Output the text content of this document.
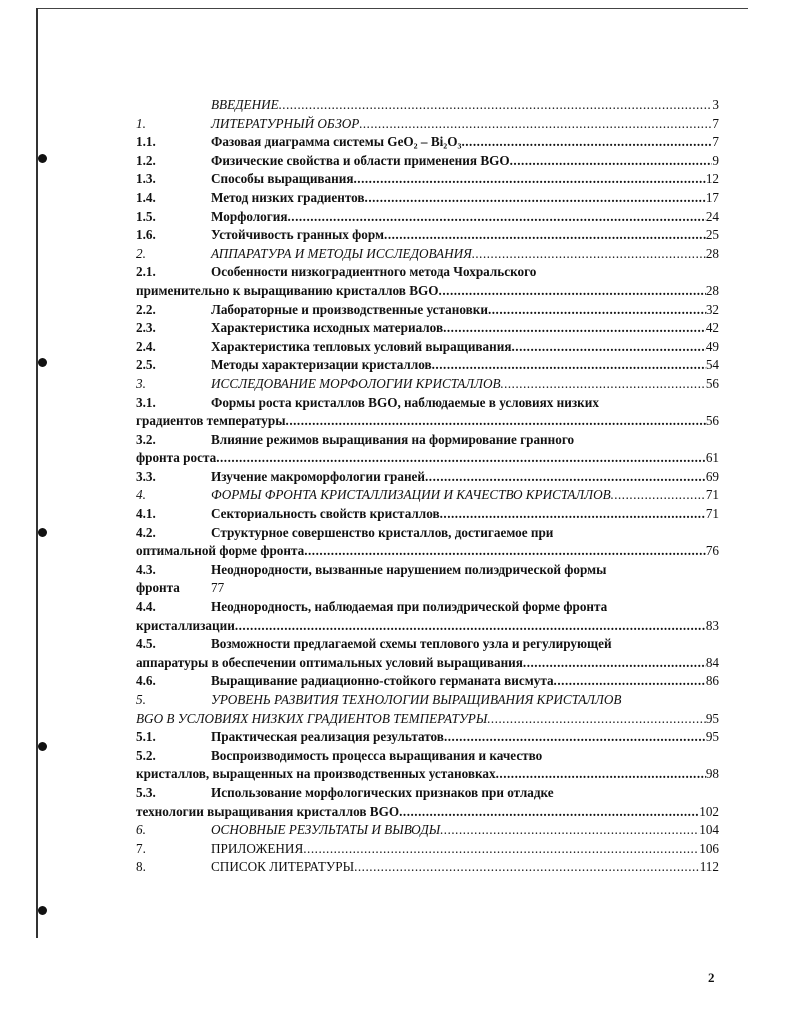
ВВЕДЕНИЕ .....	3
1.	ЛИТЕРАТУРНЫЙ ОБЗОР .....	7
1.1.	Фазовая диаграмма системы GeO₂ – Bi₂O₃ .....	7
1.2.	Физические свойства и области применения BGO .....	9
1.3.	Способы выращивания .....	12
1.4.	Метод низких градиентов .....	17
1.5.	Морфология .....	24
1.6.	Устойчивость гранных форм .....	25
2.	АППАРАТУРА И МЕТОДЫ ИССЛЕДОВАНИЯ .....	28
2.1.	Особенности низкоградиентного метода Чохральского
применительно к выращиванию кристаллов BGO .....	28
2.2.	Лабораторные и производственные установки .....	32
2.3.	Характеристика исходных материалов .....	42
2.4.	Характеристика тепловых условий выращивания .....	49
2.5.	Методы характеризации кристаллов .....	54
3.	ИССЛЕДОВАНИЕ МОРФОЛОГИИ КРИСТАЛЛОВ .....	56
3.1.	Формы роста кристаллов BGO, наблюдаемые в условиях низких
градиентов температуры .....	56
3.2.	Влияние режимов выращивания на формирование гранного
фронта роста .....	61
3.3.	Изучение макроморфологии граней .....	69
4.	ФОРМЫ ФРОНТА КРИСТАЛЛИЗАЦИИ И КАЧЕСТВО КРИСТАЛЛОВ .....	71
4.1.	Секториальность свойств кристаллов .....	71
4.2.	Структурное совершенство кристаллов, достигаемое при
оптимальной форме фронта .....	76
4.3.	Неоднородности, вызванные нарушением полиэдрической формы
фронта	77
4.4.	Неоднородность, наблюдаемая при полиэдрической форме фронта
кристаллизации .....	83
4.5.	Возможности предлагаемой схемы теплового узла и регулирующей
аппаратуры в обеспечении оптимальных условий выращивания .....	84
4.6.	Выращивание радиационно-стойкого германата висмута .....	86
5.	УРОВЕНЬ РАЗВИТИЯ ТЕХНОЛОГИИ ВЫРАЩИВАНИЯ КРИСТАЛЛОВ
BGO В УСЛОВИЯХ НИЗКИХ ГРАДИЕНТОВ ТЕМПЕРАТУРЫ .....	95
5.1.	Практическая реализация результатов .....	95
5.2.	Воспроизводимость процесса выращивания и качество
кристаллов, выращенных на производственных установках .....	98
5.3.	Использование морфологических признаков при отладке
технологии выращивания кристаллов BGO .....	102
6.	ОСНОВНЫЕ РЕЗУЛЬТАТЫ И ВЫВОДЫ .....	104
7.	ПРИЛОЖЕНИЯ .....	106
8.	СПИСОК ЛИТЕРАТУРЫ .....	112
2
